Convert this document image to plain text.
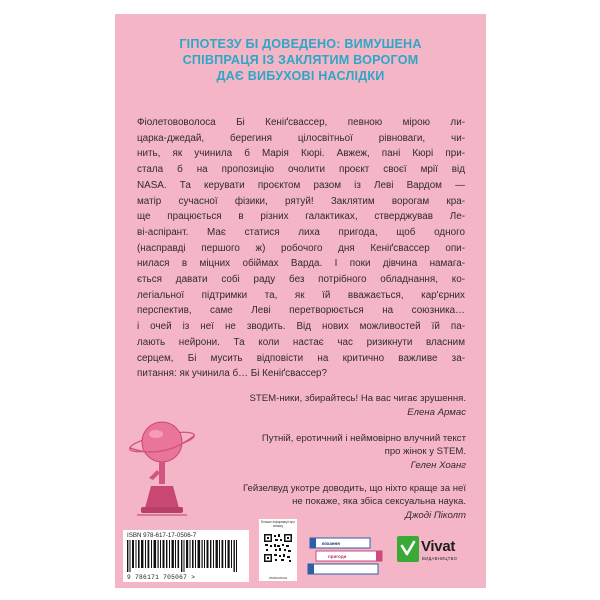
ГІПОТЕЗУ БІ ДОВЕДЕНО: ВИМУШЕНА
СПІВПРАЦЯ ІЗ ЗАКЛЯТИМ ВОРОГОМ
ДАЄ ВИБУХОВІ НАСЛІДКИ
Фіолетововолоса Бі Кеніґсвассер, певною мірою ли-
царка-джедай, берегиня цілосвітньої рівноваги, чи-
нить, як учинила б Марія Кюрі. Авжеж, пані Кюрі при-
стала б на пропозицію очолити проєкт своєї мрії від
NASA. Та керувати проєктом разом із Леві Вардом —
матір сучасної фізики, рятуй! Заклятим ворогам кра-
ще працюється в різних галактиках, стверджував Ле-
ві-аспірант. Має статися лиха пригода, щоб одного
(насправді першого ж) робочого дня Кеніґсвассер опи-
нилася в міцних обіймах Варда. І поки дівчина намага-
ється давати собі раду без потрібного обладнання, ко-
легіальної підтримки та, як їй вважається, кар'єрних
перспектив, саме Леві перетворюється на союзника…
і очей із неї не зводить. Від нових можливостей їй па-
лають нейрони. Та коли настає час ризикнути власним
серцем, Бі мусить відповісти на критично важливе за-
питання: як учинила б… Бі Кеніґсвассер?
STEM-ники, збирайтесь! На вас чигає зрушення.
Елена Армас
Путній, еротичний і неймовірно влучний текст
про жінок у STEM.
Гелен Хоанг
Гейзелвуд укотре доводить, що ніхто краще за неї
не покаже, яка збіса сексуальна наука.
Джоді Піколт
ISBN 978-617-17-0506-7
9 786171 705067 >
Більше інформації про книжку
vivat.com.ua
кохання
пригоди
Vivat
ВИДАВНИЦТВО
